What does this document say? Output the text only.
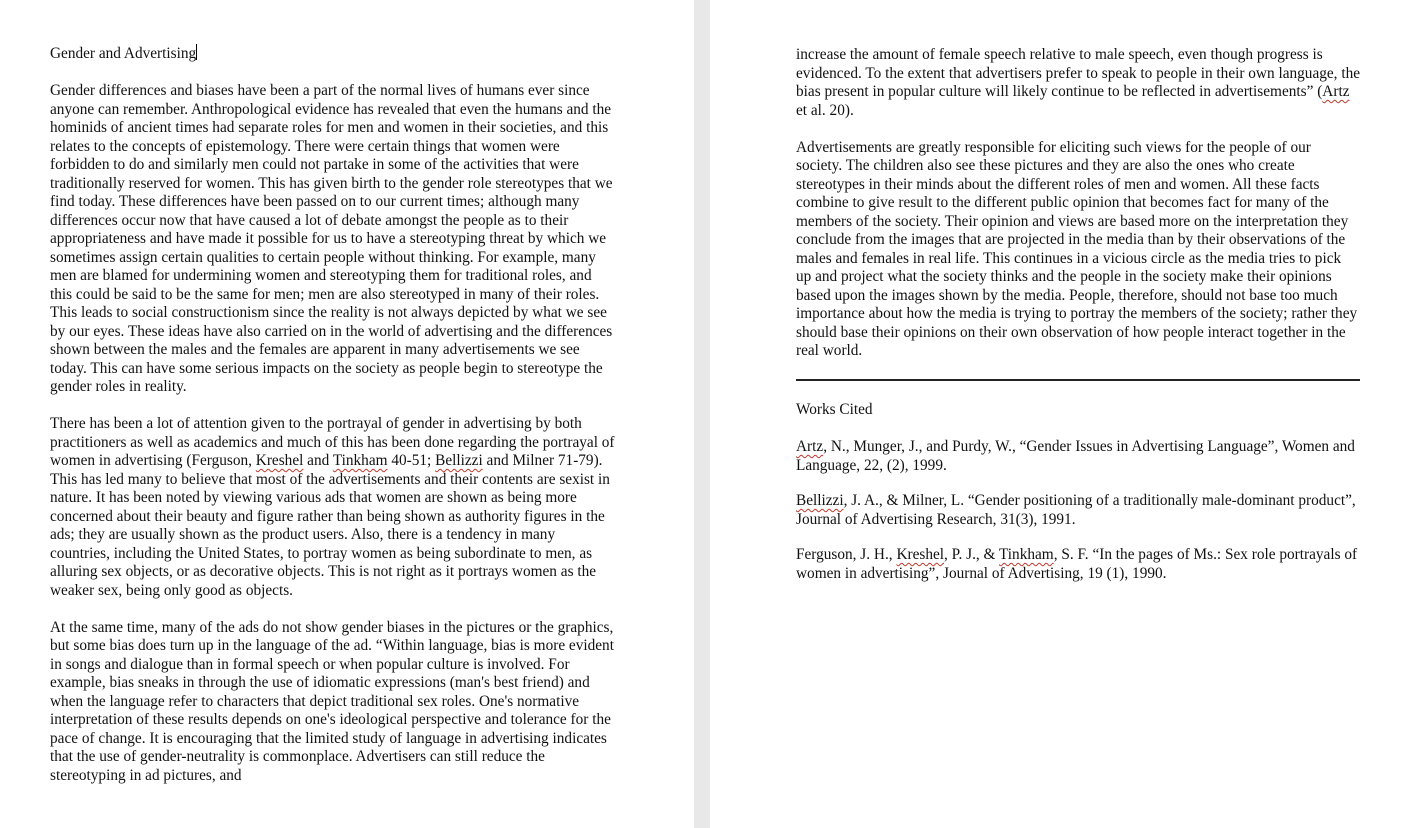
Gender and Advertising

Gender differences and biases have been a part of the normal lives of humans ever since anyone can remember. Anthropological evidence has revealed that even the humans and the hominids of ancient times had separate roles for men and women in their societies, and this relates to the concepts of epistemology. There were certain things that women were forbidden to do and similarly men could not partake in some of the activities that were traditionally reserved for women. This has given birth to the gender role stereotypes that we find today. These differences have been passed on to our current times; although many differences occur now that have caused a lot of debate amongst the people as to their appropriateness and have made it possible for us to have a stereotyping threat by which we sometimes assign certain qualities to certain people without thinking. For example, many men are blamed for undermining women and stereotyping them for traditional roles, and this could be said to be the same for men; men are also stereotyped in many of their roles. This leads to social constructionism since the reality is not always depicted by what we see by our eyes. These ideas have also carried on in the world of advertising and the differences shown between the males and the females are apparent in many advertisements we see today. This can have some serious impacts on the society as people begin to stereotype the gender roles in reality.

There has been a lot of attention given to the portrayal of gender in advertising by both practitioners as well as academics and much of this has been done regarding the portrayal of women in advertising (Ferguson, Kreshel and Tinkham 40-51; Bellizzi and Milner 71-79). This has led many to believe that most of the advertisements and their contents are sexist in nature. It has been noted by viewing various ads that women are shown as being more concerned about their beauty and figure rather than being shown as authority figures in the ads; they are usually shown as the product users. Also, there is a tendency in many countries, including the United States, to portray women as being subordinate to men, as alluring sex objects, or as decorative objects. This is not right as it portrays women as the weaker sex, being only good as objects.

At the same time, many of the ads do not show gender biases in the pictures or the graphics, but some bias does turn up in the language of the ad. “Within language, bias is more evident in songs and dialogue than in formal speech or when popular culture is involved. For example, bias sneaks in through the use of idiomatic expressions (man's best friend) and when the language refer to characters that depict traditional sex roles. One's normative interpretation of these results depends on one's ideological perspective and tolerance for the pace of change. It is encouraging that the limited study of language in advertising indicates that the use of gender-neutrality is commonplace. Advertisers can still reduce the stereotyping in ad pictures, and

increase the amount of female speech relative to male speech, even though progress is evidenced. To the extent that advertisers prefer to speak to people in their own language, the bias present in popular culture will likely continue to be reflected in advertisements” (Artz et al. 20).

Advertisements are greatly responsible for eliciting such views for the people of our society. The children also see these pictures and they are also the ones who create stereotypes in their minds about the different roles of men and women. All these facts combine to give result to the different public opinion that becomes fact for many of the members of the society. Their opinion and views are based more on the interpretation they conclude from the images that are projected in the media than by their observations of the males and females in real life. This continues in a vicious circle as the media tries to pick up and project what the society thinks and the people in the society make their opinions based upon the images shown by the media. People, therefore, should not base too much importance about how the media is trying to portray the members of the society; rather they should base their opinions on their own observation of how people interact together in the real world.

Works Cited
Artz, N., Munger, J., and Purdy, W., “Gender Issues in Advertising Language”, Women and Language, 22, (2), 1999.
Bellizzi, J. A., & Milner, L. “Gender positioning of a traditionally male-dominant product”, Journal of Advertising Research, 31(3), 1991.
Ferguson, J. H., Kreshel, P. J., & Tinkham, S. F. “In the pages of Ms.: Sex role portrayals of women in advertising”, Journal of Advertising, 19 (1), 1990.
